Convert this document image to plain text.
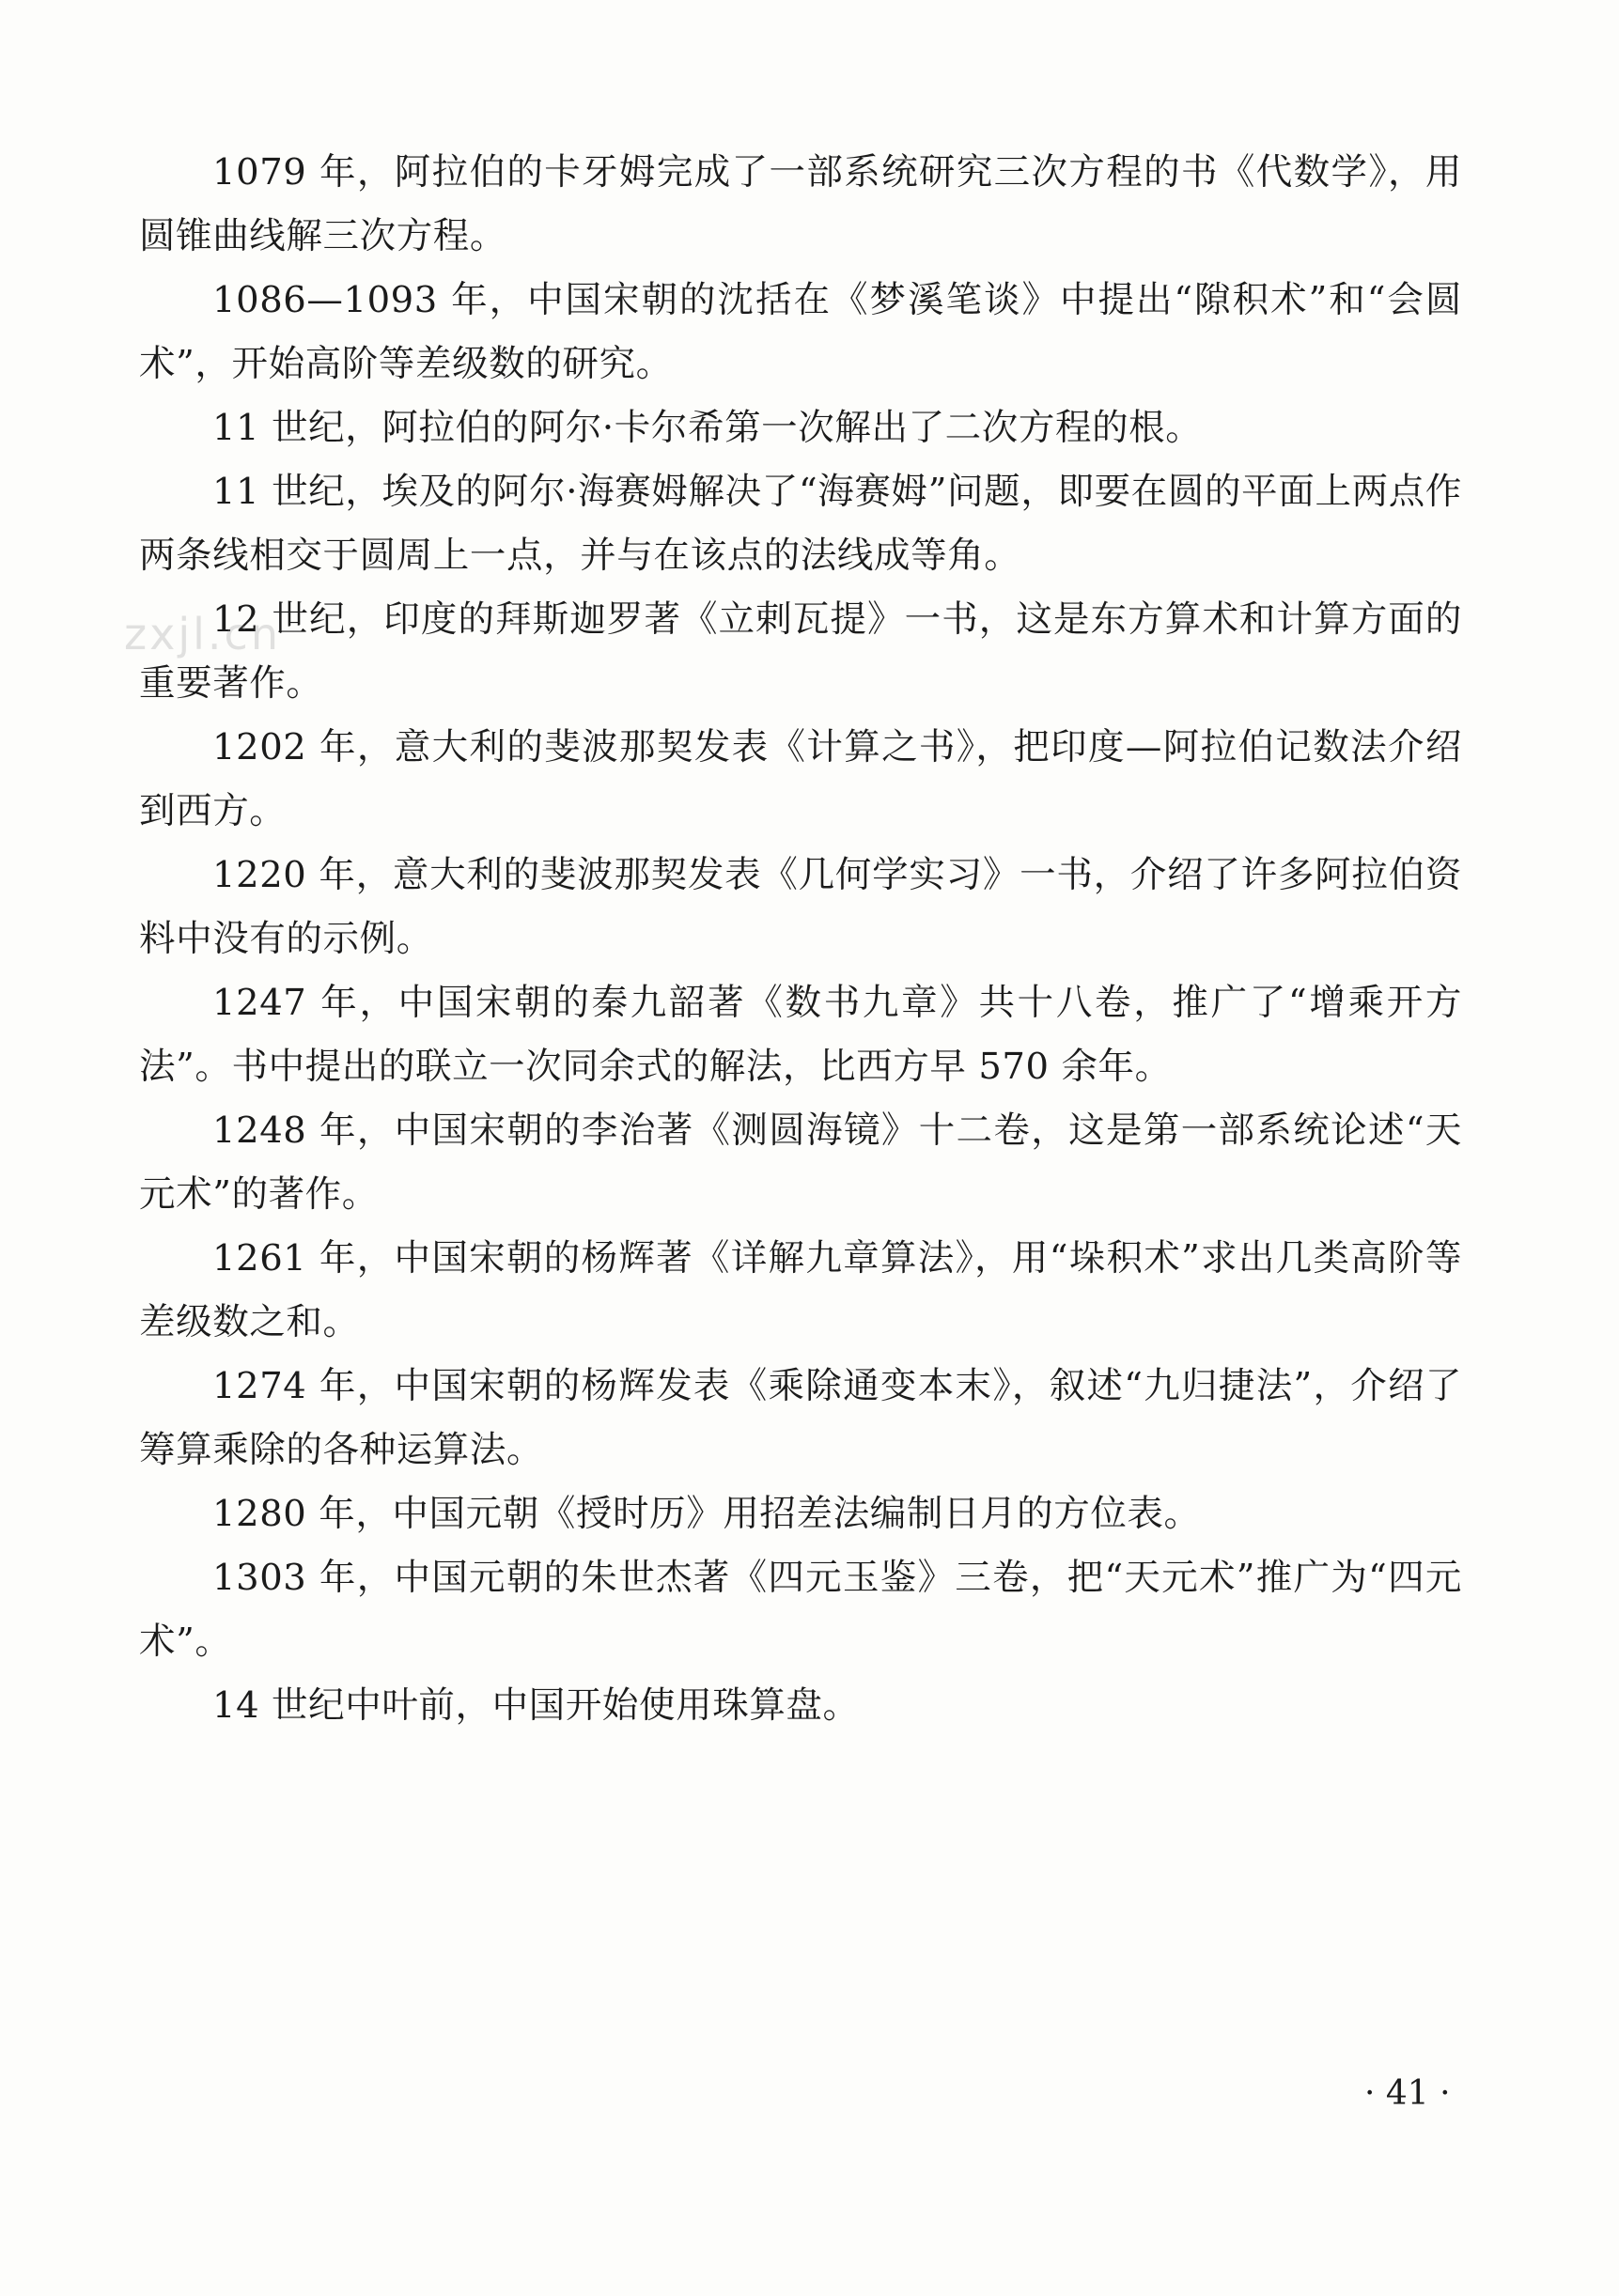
1079 年，阿拉伯的卡牙姆完成了一部系统研究三次方程的书《代数学》，用圆锥曲线解三次方程。

1086—1093 年，中国宋朝的沈括在《梦溪笔谈》中提出“隙积术”和“会圆术”，开始高阶等差级数的研究。

11 世纪，阿拉伯的阿尔·卡尔希第一次解出了二次方程的根。

11 世纪，埃及的阿尔·海赛姆解决了“海赛姆”问题，即要在圆的平面上两点作两条线相交于圆周上一点，并与在该点的法线成等角。

12 世纪，印度的拜斯迦罗著《立剌瓦提》一书，这是东方算术和计算方面的重要著作。

1202 年，意大利的斐波那契发表《计算之书》，把印度—阿拉伯记数法介绍到西方。

1220 年，意大利的斐波那契发表《几何学实习》一书，介绍了许多阿拉伯资料中没有的示例。

1247 年，中国宋朝的秦九韶著《数书九章》共十八卷，推广了“增乘开方法”。书中提出的联立一次同余式的解法，比西方早 570 余年。

1248 年，中国宋朝的李治著《测圆海镜》十二卷，这是第一部系统论述“天元术”的著作。

1261 年，中国宋朝的杨辉著《详解九章算法》，用“垛积术”求出几类高阶等差级数之和。

1274 年，中国宋朝的杨辉发表《乘除通变本末》，叙述“九归捷法”，介绍了筹算乘除的各种运算法。

1280 年，中国元朝《授时历》用招差法编制日月的方位表。

1303 年，中国元朝的朱世杰著《四元玉鉴》三卷，把“天元术”推广为“四元术”。

14 世纪中叶前，中国开始使用珠算盘。

zxjl.cn
· 41 ·
